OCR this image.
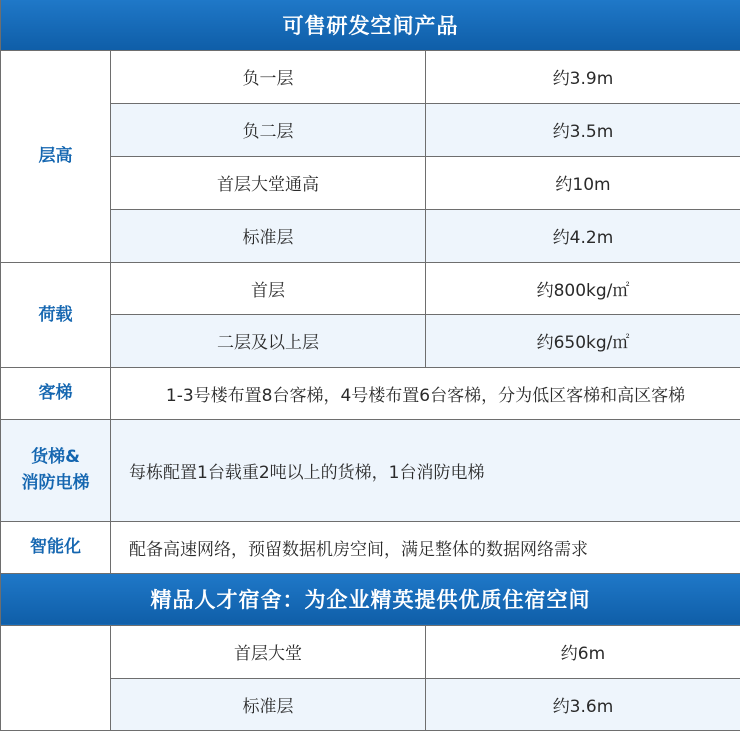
可售研发空间产品		
层高	负一层	约3.9m
	负二层	约3.5m
	首层大堂通高	约10m
	标准层	约4.2m
荷载	首层	约800kg/㎡
	二层及以上层	约650kg/㎡
客梯	1-3号楼布置8台客梯，4号楼布置6台客梯，分为低区客梯和高区客梯	
货梯&
消防电梯	每栋配置1台载重2吨以上的货梯，1台消防电梯	
智能化	配备高速网络，预留数据机房空间，满足整体的数据网络需求	
精品人才宿舍：为企业精英提供优质住宿空间		
	首层大堂	约6m
	标准层	约3.6m
